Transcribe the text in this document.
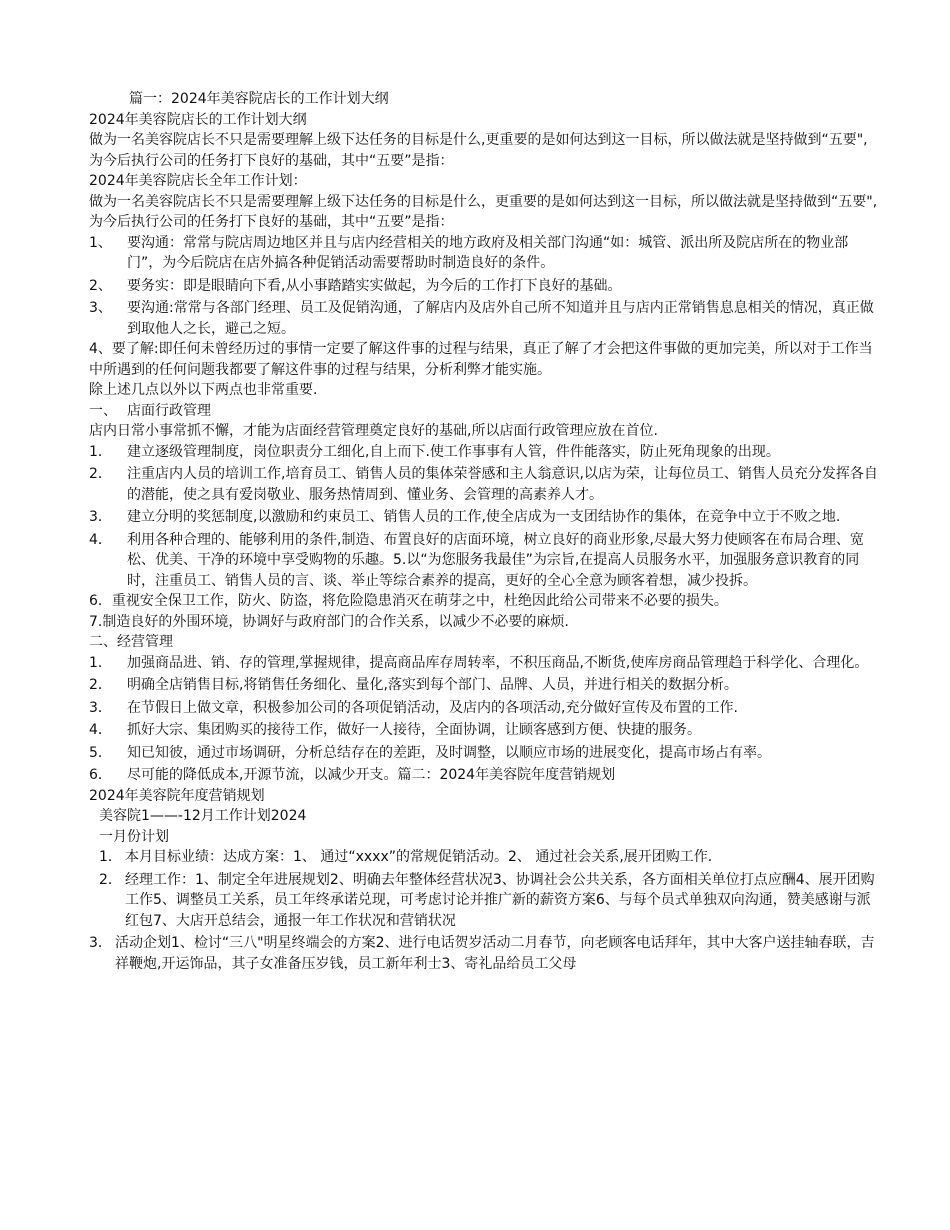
篇一：2024年美容院店长的工作计划大纲

2024年美容院店长的工作计划大纲

做为一名美容院店长不只是需要理解上级下达任务的目标是什么,更重要的是如何达到这一目标，所以做法就是坚持做到“五要",为今后执行公司的任务打下良好的基础，其中“五要”是指：

2024年美容院店长全年工作计划：

做为一名美容院店长不只是需要理解上级下达任务的目标是什么，更重要的是如何达到这一目标，所以做法就是坚持做到“五要",为今后执行公司的任务打下良好的基础，其中“五要”是指：

1、	要沟通：常常与院店周边地区并且与店内经营相关的地方政府及相关部门沟通“如：城管、派出所及院店所在的物业部门”，为今后院店在店外搞各种促销活动需要帮助时制造良好的条件。
2、	要务实：即是眼睛向下看,从小事踏踏实实做起，为今后的工作打下良好的基础。
3、	要沟通:常常与各部门经理、员工及促销沟通，了解店内及店外自己所不知道并且与店内正常销售息息相关的情况，真正做到取他人之长，避己之短。

4、要了解:即任何未曾经历过的事情一定要了解这件事的过程与结果，真正了解了才会把这件事做的更加完美，所以对于工作当中所遇到的任何问题我都要了解这件事的过程与结果，分析利弊才能实施。

除上述几点以外以下两点也非常重要.

一、 店面行政管理

店内日常小事常抓不懈，才能为店面经营管理奠定良好的基础,所以店面行政管理应放在首位.

1．	建立逐级管理制度，岗位职责分工细化,自上而下.使工作事事有人管，件件能落实，防止死角现象的出现。
2．	注重店内人员的培训工作,培育员工、销售人员的集体荣誉感和主人翁意识,以店为荣，让每位员工、销售人员充分发挥各自的潜能，使之具有爱岗敬业、服务热情周到、懂业务、会管理的高素养人才。
3．	建立分明的奖惩制度,以激励和约束员工、销售人员的工作,使全店成为一支团结协作的集体，在竞争中立于不败之地.
4．	利用各种合理的、能够利用的条件,制造、布置良好的店面环境，树立良好的商业形象,尽最大努力使顾客在布局合理、宽松、优美、干净的环境中享受购物的乐趣。5.以“为您服务我最佳”为宗旨,在提高人员服务水平，加强服务意识教育的同时，注重员工、销售人员的言、谈、举止等综合素养的提高，更好的全心全意为顾客着想，减少投拆。

6．重视安全保卫工作，防火、防盗，将危险隐患消灭在萌芽之中，杜绝因此给公司带来不必要的损失。

7.制造良好的外围环境，协调好与政府部门的合作关系，以减少不必要的麻烦.

二、经营管理

1．	加强商品进、销、存的管理,掌握规律，提高商品库存周转率，不积压商品,不断货,使库房商品管理趋于科学化、合理化。
2．	明确全店销售目标,将销售任务细化、量化,落实到每个部门、品牌、人员，并进行相关的数据分析。
3．	在节假日上做文章，积极参加公司的各项促销活动，及店内的各项活动,充分做好宣传及布置的工作.
4．	抓好大宗、集团购买的接待工作，做好一人接待，全面协调，让顾客感到方便、快捷的服务。
5．	知已知彼，通过市场调研，分析总结存在的差距，及时调整，以顺应市场的进展变化，提高市场占有率。
6．	尽可能的降低成本,开源节流，以减少开支。篇二：2024年美容院年度营销规划

2024年美容院年度营销规划

美容院1——-12月工作计划2024

一月份计划

1． 本月目标业绩：达成方案：1、 通过“xxxx”的常规促销活动。2、 通过社会关系,展开团购工作.
2． 经理工作：1、制定全年进展规划2、明确去年整体经营状况3、协调社会公共关系，各方面相关单位打点应酬4、展开团购工作5、调整员工关系，员工年终承诺兑现，可考虑讨论并推广新的薪资方案6、与每个员式单独双向沟通，赞美感谢与派红包7、大店开总结会，通报一年工作状况和营销状况
3． 活动企划1、检讨“三八"明星终端会的方案2、进行电话贺岁活动二月春节，向老顾客电话拜年，其中大客户送挂轴春联，吉祥鞭炮,开运饰品，其子女准备压岁钱，员工新年利士3、寄礼品给员工父母
